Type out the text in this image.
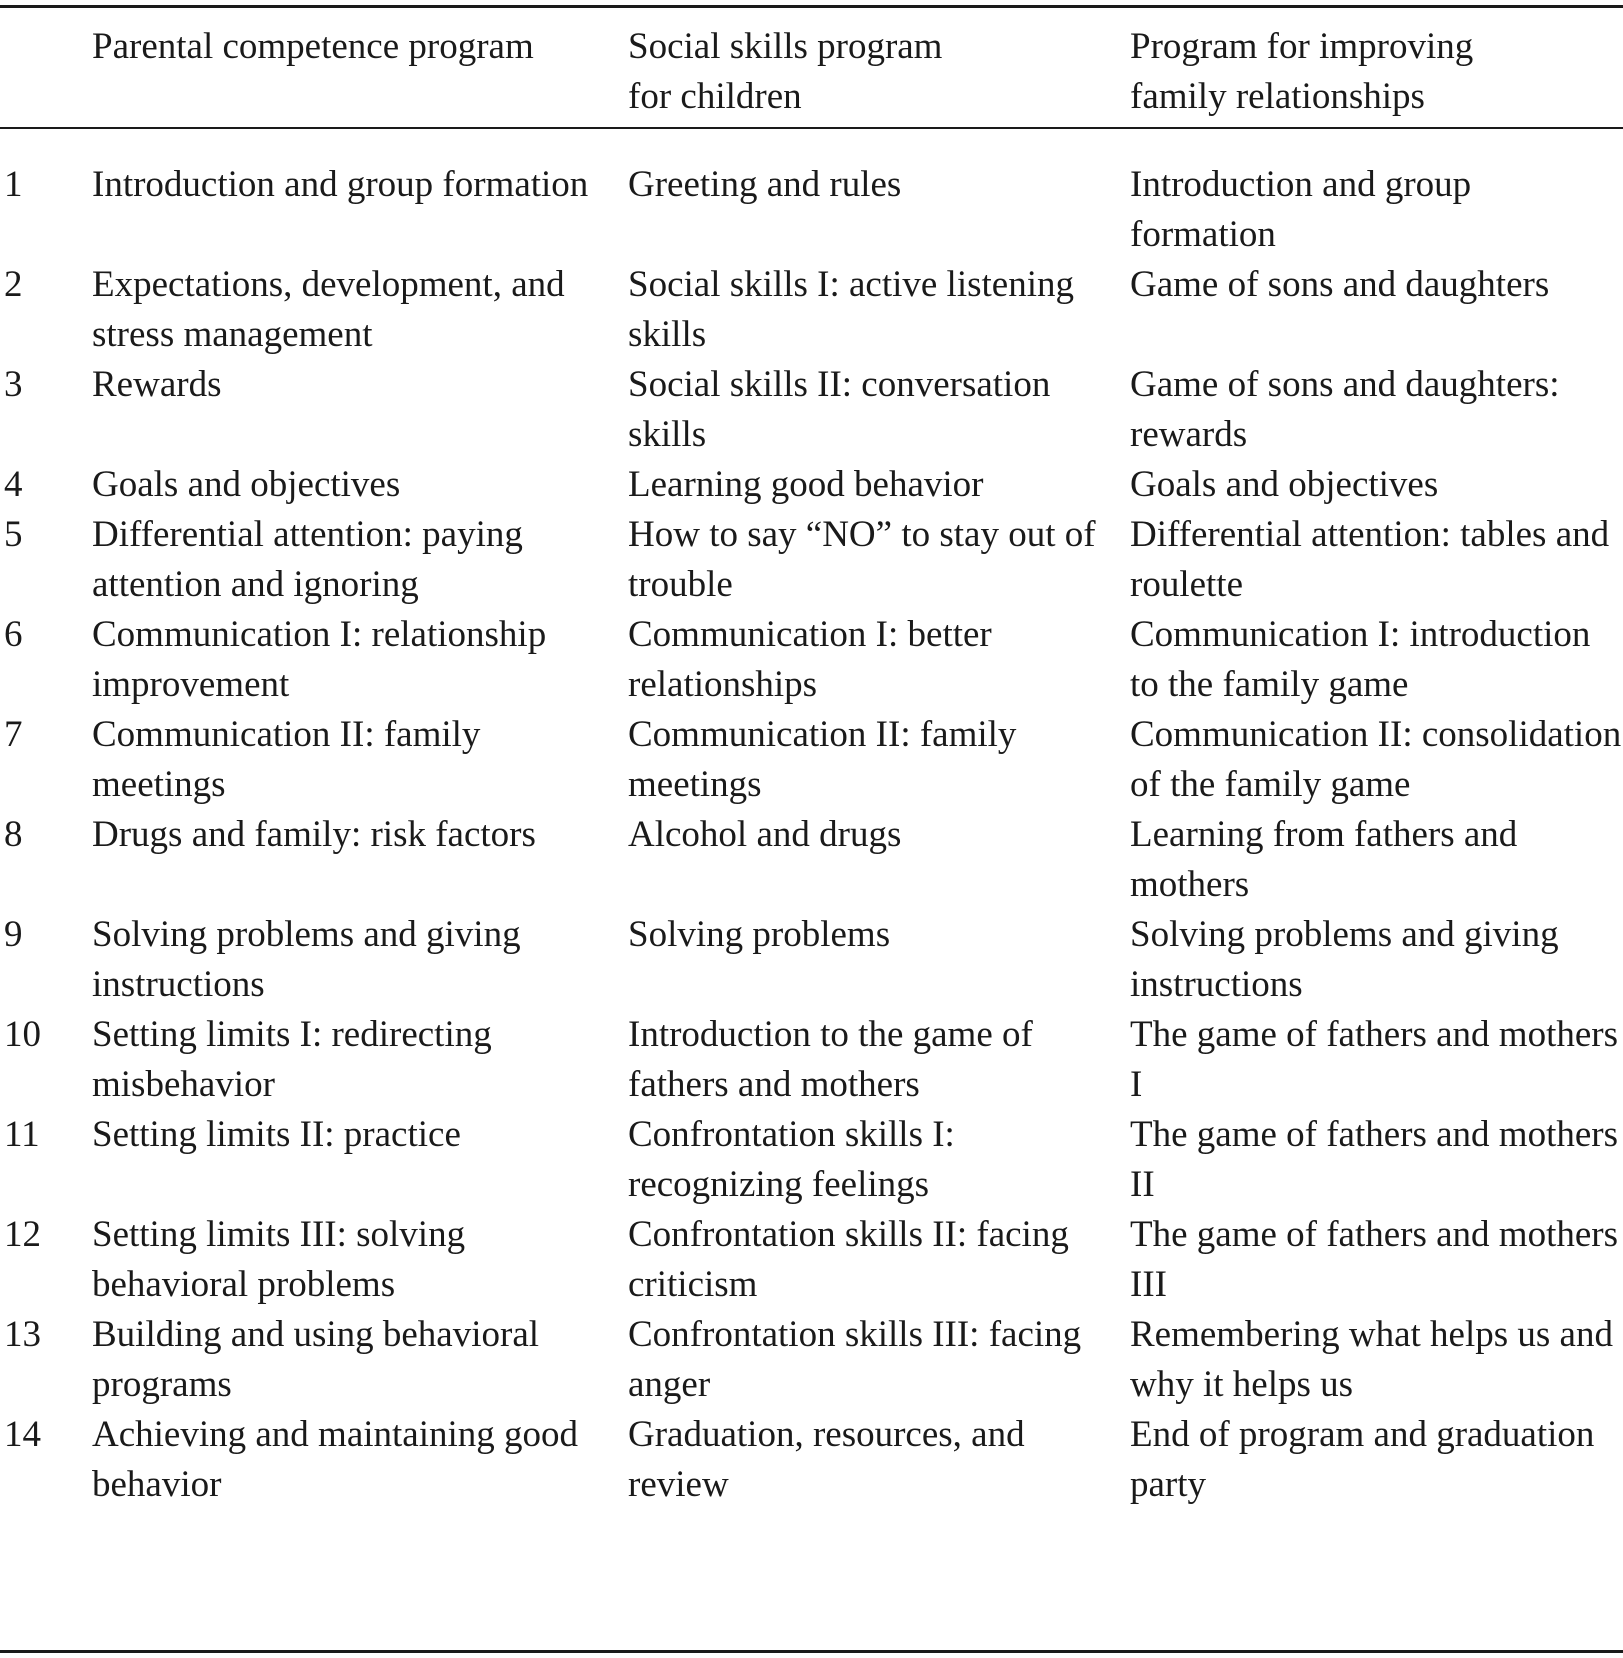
	Parental competence program	Social skills program for children	Program for improving family relationships
1	Introduction and group formation	Greeting and rules	Introduction and group formation
2	Expectations, development, and stress management	Social skills I: active listening skills	Game of sons and daughters
3	Rewards	Social skills II: conversation skills	Game of sons and daughters: rewards
4	Goals and objectives	Learning good behavior	Goals and objectives
5	Differential attention: paying attention and ignoring	How to say “NO” to stay out of trouble	Differential attention: tables and roulette
6	Communication I: relationship improvement	Communication I: better relationships	Communication I: introduction to the family game
7	Communication II: family meetings	Communication II: family meetings	Communication II: consolidation of the family game
8	Drugs and family: risk factors	Alcohol and drugs	Learning from fathers and mothers
9	Solving problems and giving instructions	Solving problems	Solving problems and giving instructions
10	Setting limits I: redirecting misbehavior	Introduction to the game of fathers and mothers	The game of fathers and mothers I
11	Setting limits II: practice	Confrontation skills I: recognizing feelings	The game of fathers and mothers II
12	Setting limits III: solving behavioral problems	Confrontation skills II: facing criticism	The game of fathers and mothers III
13	Building and using behavioral programs	Confrontation skills III: facing anger	Remembering what helps us and why it helps us
14	Achieving and maintaining good behavior	Graduation, resources, and review	End of program and graduation party
